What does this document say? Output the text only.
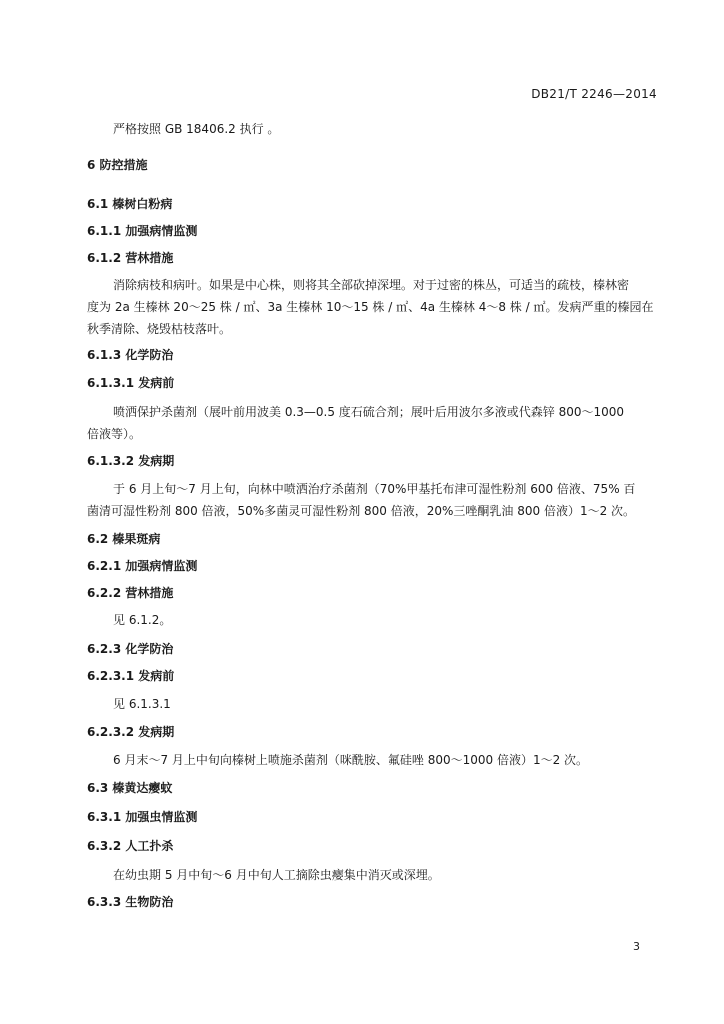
DB21/T 2246—2014
严格按照 GB 18406.2 执行 。
6 防控措施
6.1 榛树白粉病
6.1.1 加强病情监测
6.1.2 营林措施
消除病枝和病叶。如果是中心株，则将其全部砍掉深埋。对于过密的株丛，可适当的疏枝，榛林密
度为 2a 生榛林 20～25 株 / ㎡、3a 生榛林 10～15 株 / ㎡、4a 生榛林 4～8 株 / ㎡。发病严重的榛园在
秋季清除、烧毁枯枝落叶。
6.1.3 化学防治
6.1.3.1 发病前
喷洒保护杀菌剂（展叶前用波美 0.3—0.5 度石硫合剂；展叶后用波尔多液或代森锌 800～1000
倍液等）。
6.1.3.2 发病期
于 6 月上旬～7 月上旬，向林中喷洒治疗杀菌剂（70%甲基托布津可湿性粉剂 600 倍液、75% 百
菌清可湿性粉剂 800 倍液，50%多菌灵可湿性粉剂 800 倍液，20%三唑酮乳油 800 倍液）1～2 次。
6.2 榛果斑病
6.2.1 加强病情监测
6.2.2 营林措施
见 6.1.2。
6.2.3 化学防治
6.2.3.1 发病前
见 6.1.3.1
6.2.3.2 发病期
6 月末～7 月上中旬向榛树上喷施杀菌剂（咪酰胺、氟硅唑 800～1000 倍液）1～2 次。
6.3 榛黄达瘿蚊
6.3.1 加强虫情监测
6.3.2 人工扑杀
在幼虫期 5 月中旬～6 月中旬人工摘除虫瘿集中消灭或深埋。
6.3.3 生物防治
3
